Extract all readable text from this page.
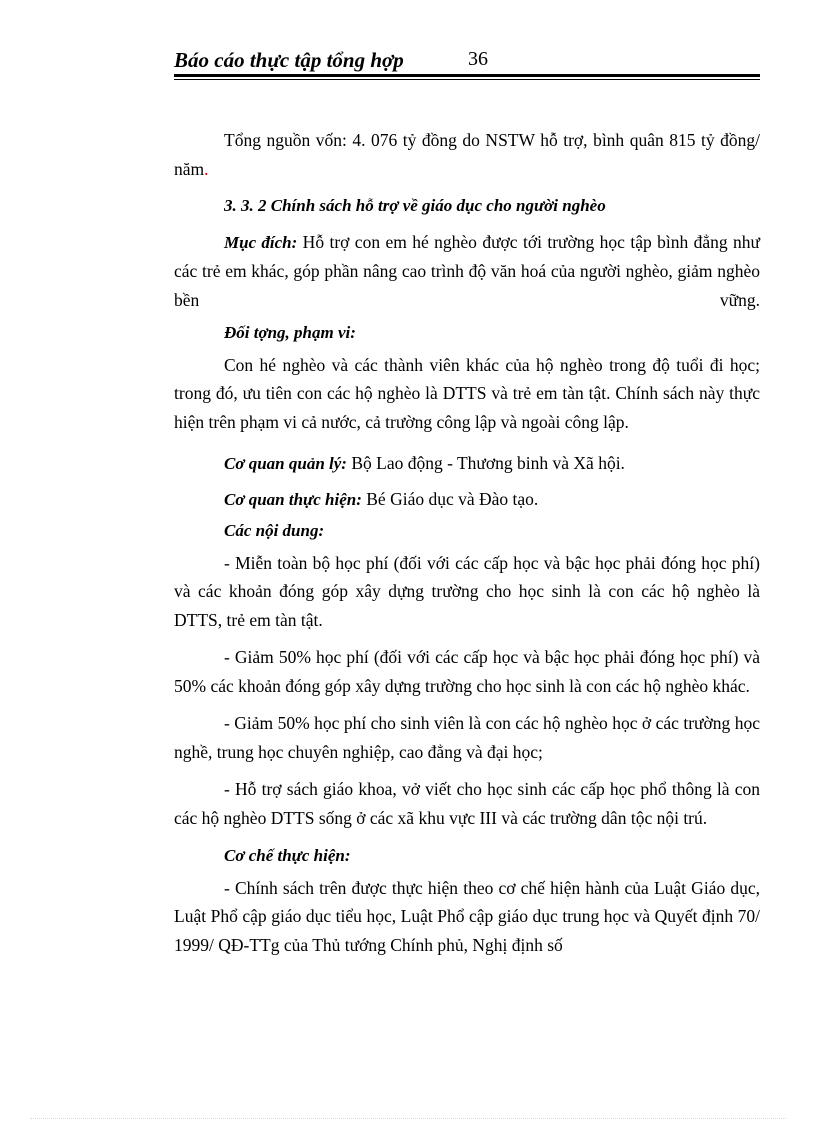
Báo cáo thực tập tổng hợp	36

Tổng nguồn vốn: 4. 076 tỷ đồng do NSTW hỗ trợ, bình quân 815 tỷ đồng/ năm.

3. 3. 2 Chính sách hỗ trợ về giáo dục cho người nghèo

Mục đích: Hỗ trợ con em hé nghèo được tới trường học tập bình đẳng như các trẻ em khác, góp phần nâng cao trình độ văn hoá của người nghèo, giảm nghèo bền vững.

Đối tợng, phạm vi:

Con hé nghèo và các thành viên khác của hộ nghèo trong độ tuổi đi học; trong đó, ưu tiên con các hộ nghèo là DTTS và trẻ em tàn tật. Chính sách này thực hiện trên phạm vi cả nước, cả trường công lập và ngoài công lập.

Cơ quan quản lý: Bộ Lao động - Thương binh và Xã hội.

Cơ quan thực hiện: Bé Giáo dục và Đào tạo.

Các nội dung:

- Miễn toàn bộ học phí (đối với các cấp học và bậc học phải đóng học phí) và các khoản đóng góp xây dựng trường cho học sinh là con các hộ nghèo là DTTS, trẻ em tàn tật.

- Giảm 50% học phí (đối với các cấp học và bậc học phải đóng học phí) và 50% các khoản đóng góp xây dựng trường cho học sinh là con các hộ nghèo khác.

- Giảm 50% học phí cho sinh viên là con các hộ nghèo học ở các trường học nghề, trung học chuyên nghiệp, cao đẳng và đại học;

- Hỗ trợ sách giáo khoa, vở viết cho học sinh các cấp học phổ thông là con các hộ nghèo DTTS sống ở các xã khu vực III và các trường dân tộc nội trú.

Cơ chế thực hiện:

- Chính sách trên được thực hiện theo cơ chế hiện hành của Luật Giáo dục, Luật Phổ cập giáo dục tiểu học, Luật Phổ cập giáo dục trung học và Quyết định 70/ 1999/ QĐ-TTg của Thủ tướng Chính phủ, Nghị định số
